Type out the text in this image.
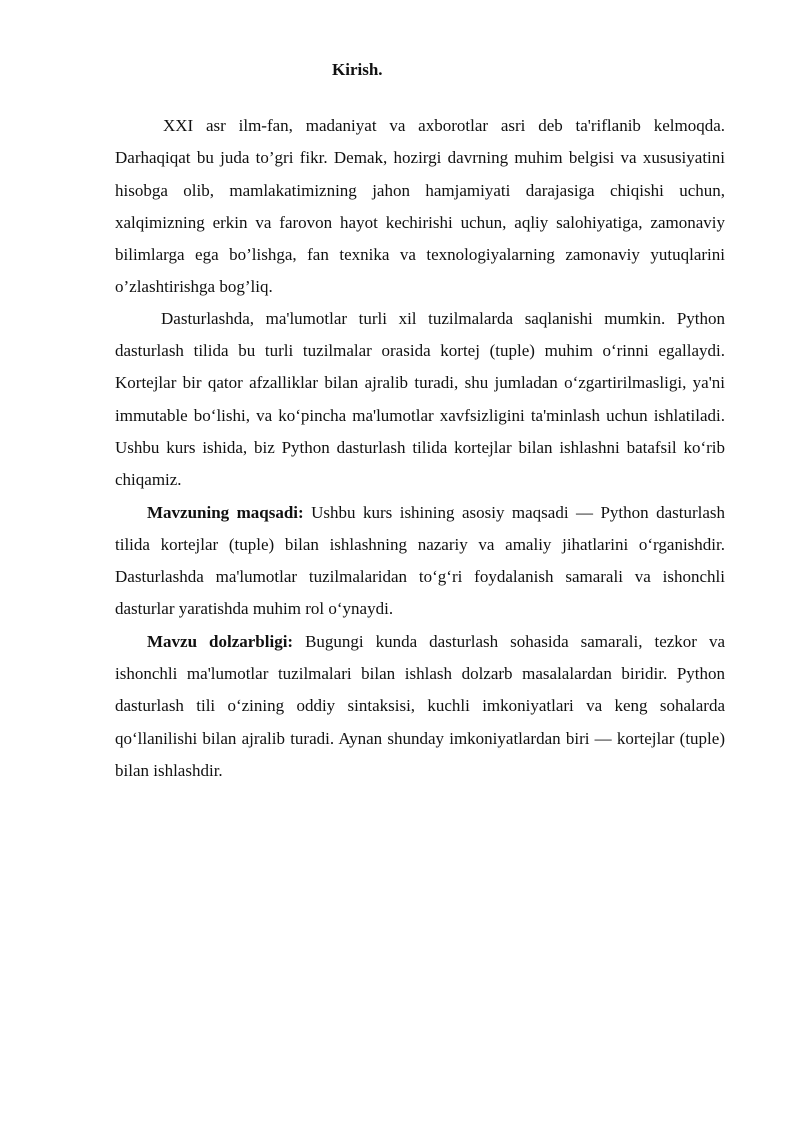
Kirish.

XXI asr ilm-fan, madaniyat va axborotlar asri deb ta'riflanib kelmoqda. Darhaqiqat bu juda to’gri fikr. Demak, hozirgi davrning muhim belgisi va xususiyatini hisobga olib, mamlakatimizning jahon hamjamiyati darajasiga chiqishi uchun, xalqimizning erkin va farovon hayot kechirishi uchun, aqliy salohiyatiga, zamonaviy bilimlarga ega bo’lishga, fan texnika va texnologiyalarning zamonaviy yutuqlarini o’zlashtirishga bog’liq.

Dasturlashda, ma'lumotlar turli xil tuzilmalarda saqlanishi mumkin. Python dasturlash tilida bu turli tuzilmalar orasida kortej (tuple) muhim oʻrinni egallaydi. Kortejlar bir qator afzalliklar bilan ajralib turadi, shu jumladan oʻzgartirilmasligi, ya'ni immutable boʻlishi, va koʻpincha ma'lumotlar xavfsizligini ta'minlash uchun ishlatiladi. Ushbu kurs ishida, biz Python dasturlash tilida kortejlar bilan ishlashni batafsil koʻrib chiqamiz.

Mavzuning maqsadi: Ushbu kurs ishining asosiy maqsadi — Python dasturlash tilida kortejlar (tuple) bilan ishlashning nazariy va amaliy jihatlarini oʻrganishdir. Dasturlashda ma'lumotlar tuzilmalaridan toʻgʻri foydalanish samarali va ishonchli dasturlar yaratishda muhim rol oʻynaydi.

Mavzu dolzarbligi: Bugungi kunda dasturlash sohasida samarali, tezkor va ishonchli ma'lumotlar tuzilmalari bilan ishlash dolzarb masalalardan biridir. Python dasturlash tili oʻzining oddiy sintaksisi, kuchli imkoniyatlari va keng sohalarda qoʻllanilishi bilan ajralib turadi. Aynan shunday imkoniyatlardan biri — kortejlar (tuple) bilan ishlashdir.
